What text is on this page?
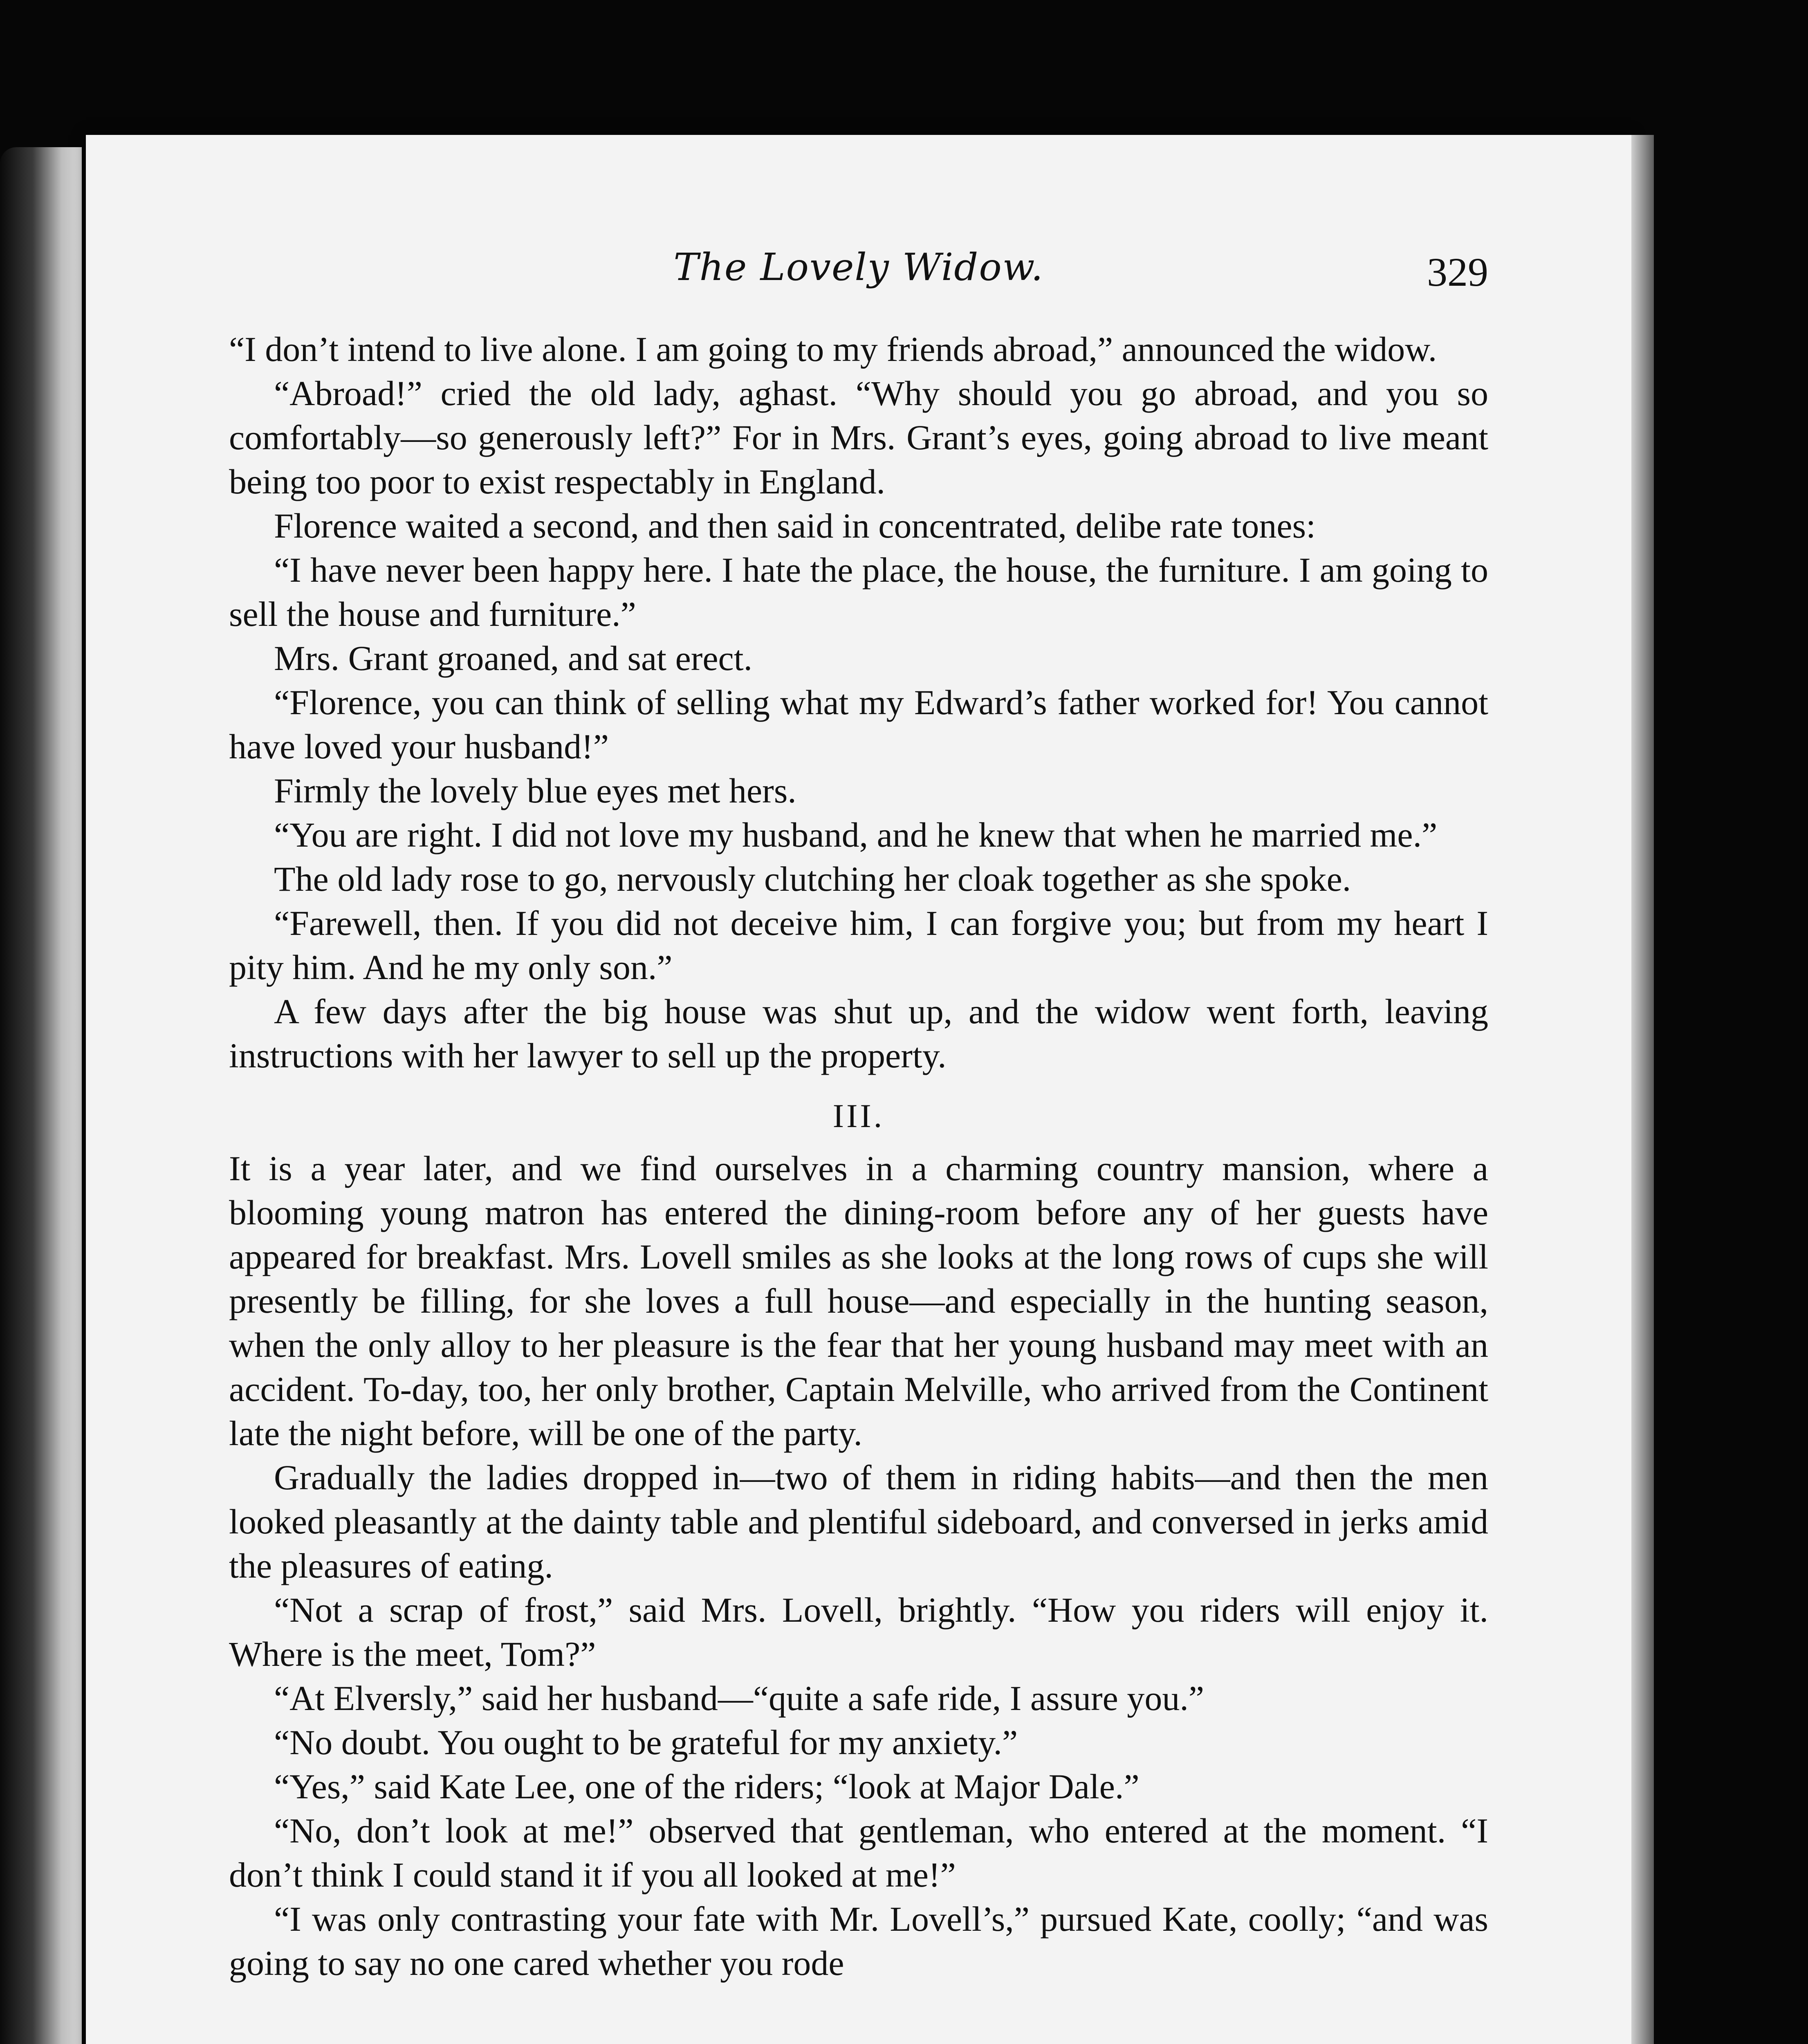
The Lovely Widow.	329

“I don’t intend to live alone. I am going to my friends abroad,” announced the widow.

“Abroad!” cried the old lady, aghast. “Why should you go abroad, and you so comfortably—so generously left?” For in Mrs. Grant’s eyes, going abroad to live meant being too poor to exist respectably in England.

Florence waited a second, and then said in concentrated, delibe rate tones:

“I have never been happy here. I hate the place, the house, the furniture. I am going to sell the house and furniture.”

Mrs. Grant groaned, and sat erect.

“Florence, you can think of selling what my Edward’s father worked for! You cannot have loved your husband!”

Firmly the lovely blue eyes met hers.

“You are right. I did not love my husband, and he knew that when he married me.”

The old lady rose to go, nervously clutching her cloak together as she spoke.

“Farewell, then. If you did not deceive him, I can forgive you; but from my heart I pity him. And he my only son.”

A few days after the big house was shut up, and the widow went forth, leaving instructions with her lawyer to sell up the property.

III.

It is a year later, and we find ourselves in a charming country mansion, where a blooming young matron has entered the dining-room before any of her guests have appeared for breakfast. Mrs. Lovell smiles as she looks at the long rows of cups she will presently be filling, for she loves a full house—and especially in the hunting season, when the only alloy to her pleasure is the fear that her young husband may meet with an accident. To-day, too, her only brother, Captain Melville, who arrived from the Continent late the night before, will be one of the party.

Gradually the ladies dropped in—two of them in riding habits—and then the men looked pleasantly at the dainty table and plentiful sideboard, and conversed in jerks amid the pleasures of eating.

“Not a scrap of frost,” said Mrs. Lovell, brightly. “How you riders will enjoy it. Where is the meet, Tom?”

“At Elversly,” said her husband—“quite a safe ride, I assure you.”

“No doubt. You ought to be grateful for my anxiety.”

“Yes,” said Kate Lee, one of the riders; “look at Major Dale.”

“No, don’t look at me!” observed that gentleman, who entered at the moment. “I don’t think I could stand it if you all looked at me!”

“I was only contrasting your fate with Mr. Lovell’s,” pursued Kate, coolly; “and was going to say no one cared whether you rode
